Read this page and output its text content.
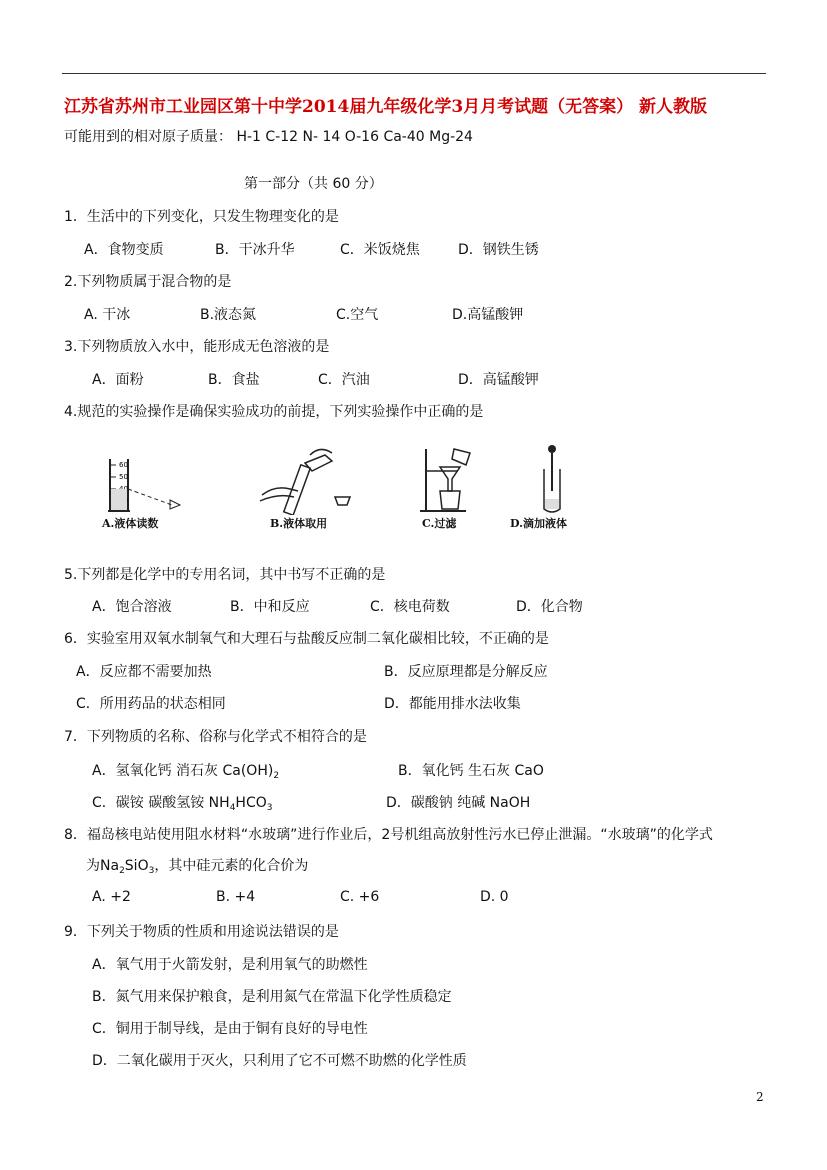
江苏省苏州市工业园区第十中学2014届九年级化学3月月考试题（无答案） 新人教版
可能用到的相对原子质量： H-1 C-12 N- 14 O-16 Ca-40 Mg-24
第一部分（共 60 分）
1．生活中的下列变化，只发生物理变化的是
A．食物变质	B．干冰升华	C．米饭烧焦	D．钢铁生锈
2.下列物质属于混合物的是
A. 干冰	B.液态氮	C.空气	D.高锰酸钾
3.下列物质放入水中，能形成无色溶液的是
A．面粉	B．食盐	C．汽油	D．高锰酸钾
4.规范的实验操作是确保实验成功的前提，下列实验操作中正确的是
60
50
A.液体读数	B.液体取用	C.过滤	D.滴加液体
5.下列都是化学中的专用名词，其中书写不正确的是
A．饱合溶液	B．中和反应	C．核电荷数	D．化合物
6．实验室用双氧水制氧气和大理石与盐酸反应制二氧化碳相比较，不正确的是
A．反应都不需要加热	B．反应原理都是分解反应
C．所用药品的状态相同	D．都能用排水法收集
7．下列物质的名称、俗称与化学式不相符合的是
A．氢氧化钙 消石灰 $Ca(OH)_2$	B．氧化钙 生石灰 CaO
C．碳铵 碳酸氢铵 $NH_4HCO_3$	D．碳酸钠 纯碱 NaOH
8．福岛核电站使用阻水材料“水玻璃”进行作业后，2号机组高放射性污水已停止泄漏。“水玻璃”的化学式
为$Na_2SiO_3$，其中硅元素的化合价为
A. +2	B. +4	C. +6	D. 0
9．下列关于物质的性质和用途说法错误的是
A．氧气用于火箭发射，是利用氧气的助燃性
B．氮气用来保护粮食，是利用氮气在常温下化学性质稳定
C．铜用于制导线，是由于铜有良好的导电性
D．二氧化碳用于灭火，只利用了它不可燃不助燃的化学性质
2
